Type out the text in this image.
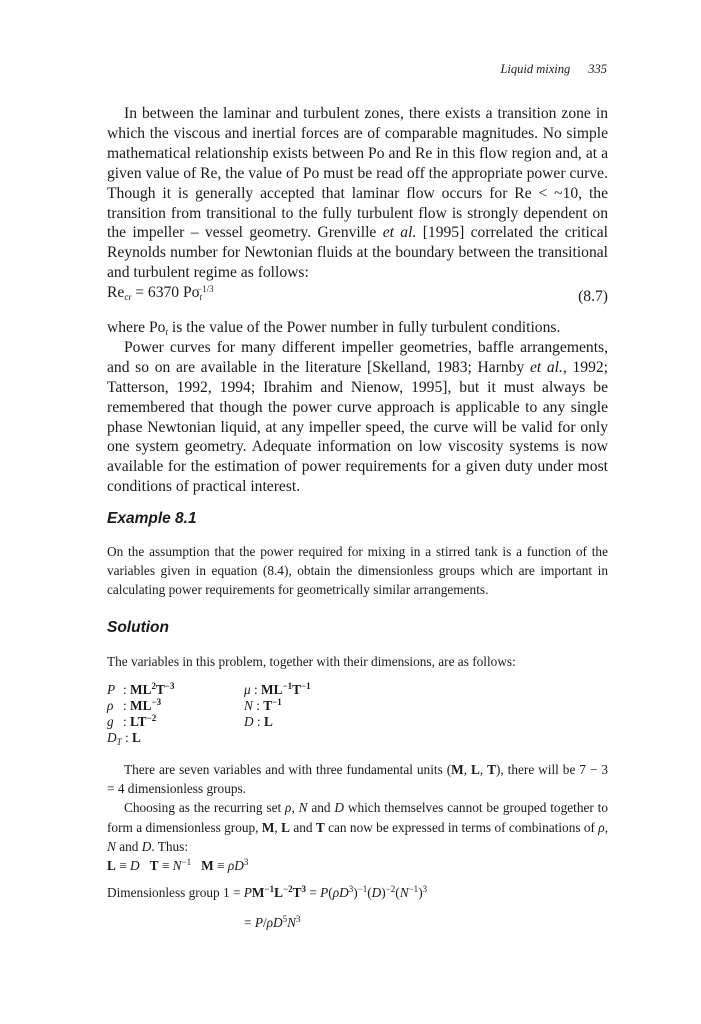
Liquid mixing 335

In between the laminar and turbulent zones, there exists a transition zone in which the viscous and inertial forces are of comparable magnitudes. No simple mathematical relationship exists between Po and Re in this flow region and, at a given value of Re, the value of Po must be read off the appropriate power curve. Though it is generally accepted that laminar flow occurs for Re < ~10, the transition from transitional to the fully turbulent flow is strongly dependent on the impeller – vessel geometry. Grenville et al. [1995] correlated the critical Reynolds number for Newtonian fluids at the boundary between the transitional and turbulent regime as follows:

$Re_{cr} = 6370$ $Po_t^{-1/3}$	(8.7)

where $Po_t$ is the value of the Power number in fully turbulent conditions.

Power curves for many different impeller geometries, baffle arrangements, and so on are available in the literature [Skelland, 1983; Harnby et al., 1992; Tatterson, 1992, 1994; Ibrahim and Nienow, 1995], but it must always be remembered that though the power curve approach is applicable to any single phase Newtonian liquid, at any impeller speed, the curve will be valid for only one system geometry. Adequate information on low viscosity systems is now available for the estimation of power requirements for a given duty under most conditions of practical interest.

Example 8.1

On the assumption that the power required for mixing in a stirred tank is a function of the variables given in equation (8.4), obtain the dimensionless groups which are important in calculating power requirements for geometrically similar arrangements.

Solution

The variables in this problem, together with their dimensions, are as follows:

P : $ML^2T^{-3}$
ρ : $ML^{-3}$
g : $LT^{-2}$
$D_T$ : L
μ : $ML^{-1}T^{-1}$
N : $T^{-1}$
D : L

There are seven variables and with three fundamental units (M, L, T), there will be 7 − 3 = 4 dimensionless groups.

Choosing as the recurring set ρ, N and D which themselves cannot be grouped together to form a dimensionless group, M, L and T can now be expressed in terms of combinations of ρ, N and D. Thus:

L ≡ D $T \equiv N^{-1}$ $M \equiv \rho D^3$
Dimensionless group $1 = PM^{-1}L^{-2}T^3 = P(\rho D^3)^{-1}(D)^{-2}(N^{-1})^3$
= $P/\rho D^5N^3$
